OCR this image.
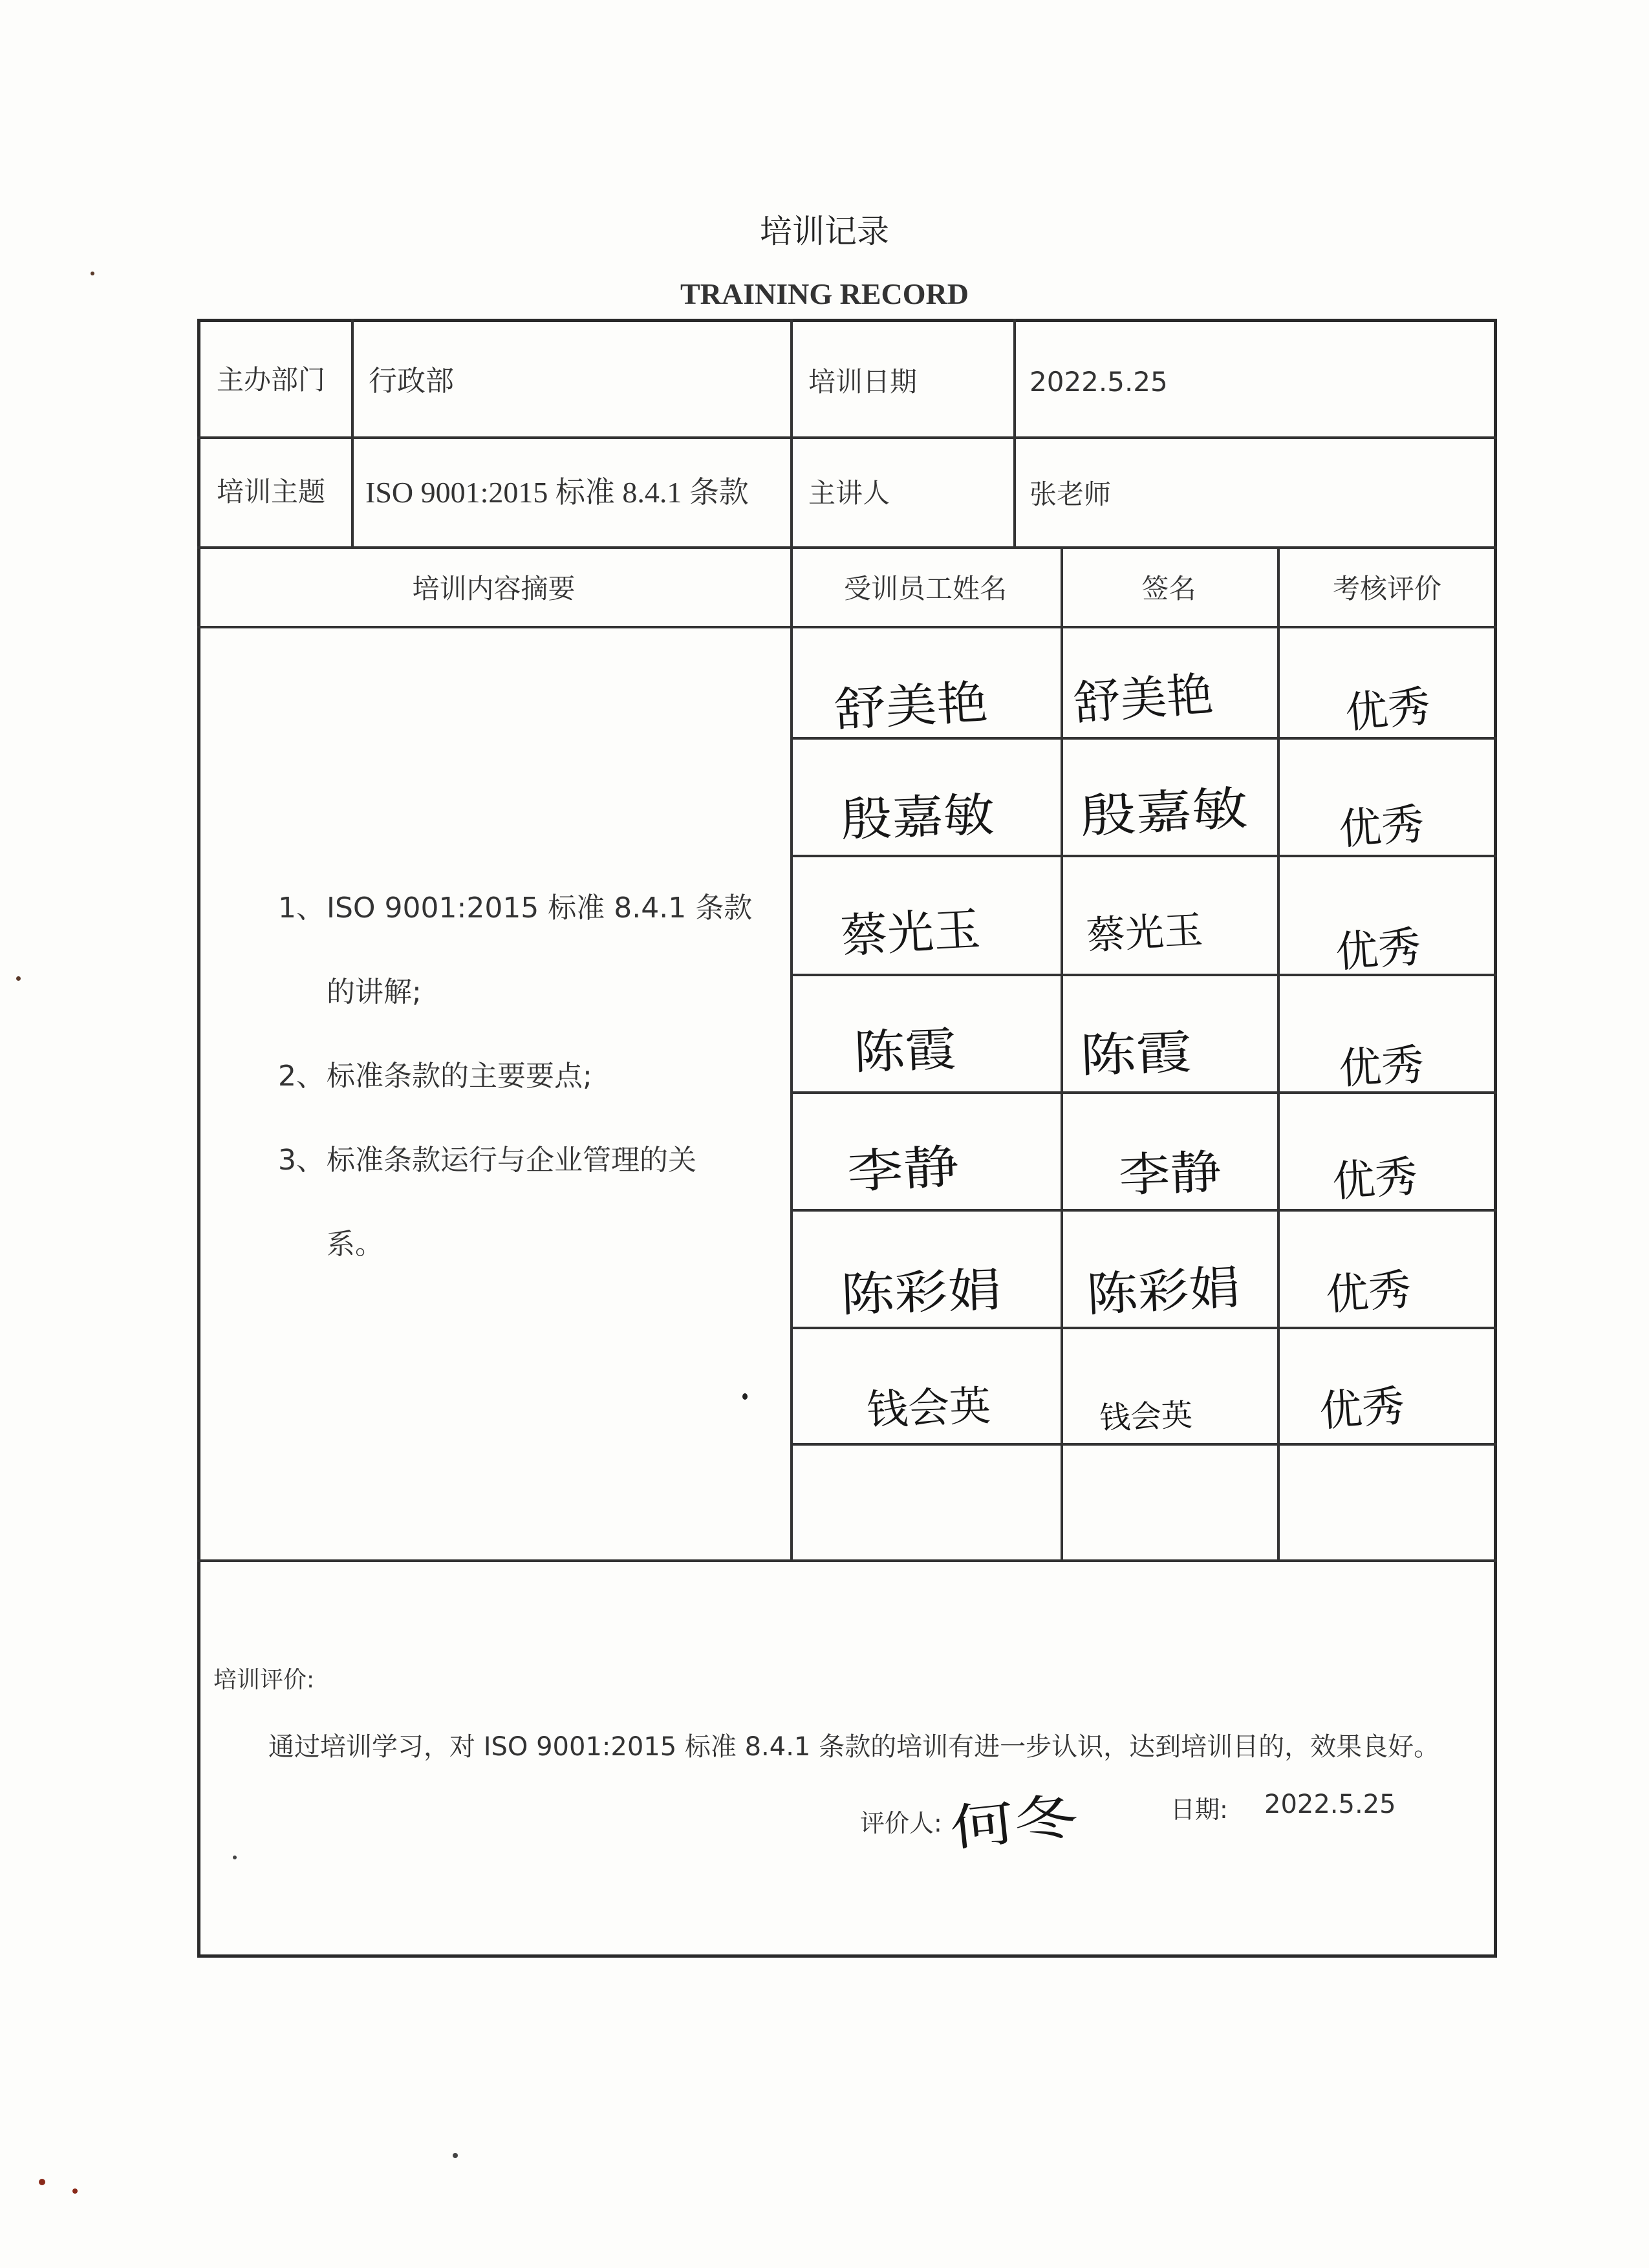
培训记录
TRAINING RECORD
主办部门 行政部	培训日期	2022.5.25
培训主题 ISO 9001:2015 标准 8.4.1 条款 主讲人	张老师
培训内容摘要	受训员工姓名	签名	考核评价
1、 ISO 9001:2015 标准 8.4.1 条款
的讲解;
2、 标准条款的主要要点;
3、 标准条款运行与企业管理的关
系。
舒美艳 舒美艳	优秀
殷嘉敏 殷嘉敏 优秀
蔡光玉	蔡光玉	优秀
陈霞	陈霞	优秀
李静	李静	优秀
陈彩娟 陈彩娟 优秀
钱会英	钱会英	优秀
培训评价:
通过培训学习，对 ISO 9001:2015 标准 8.4.1 条款的培训有进一步认识，达到培训目的，效果良好。
评价人: 何冬	日期: 2022.5.25
